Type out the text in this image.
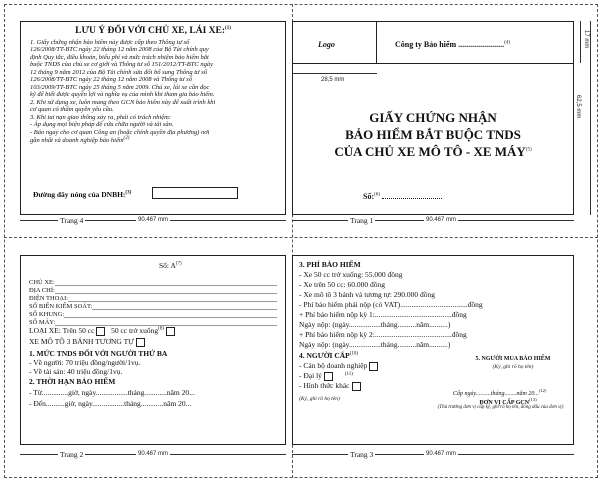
LƯU Ý ĐỐI VỚI CHỦ XE, LÁI XE:$^{(1)}$
1. Giấy chứng nhận bảo hiểm này được cấp theo Thông tư số
126/2008/TT-BTC ngày 22 tháng 12 năm 2008 của Bộ Tài chính quy
định Quy tắc, điều khoản, biểu phí và mức trách nhiệm bảo hiểm bắt
buộc TNDS của chủ xe cơ giới và Thông tư số 151/2012/TT-BTC ngày
12 tháng 9 năm 2012 của Bộ Tài chính sửa đổi bổ sung Thông tư số
126/2008/TT-BTC ngày 22 tháng 12 năm 2008 và Thông tư số
103/2009/TT-BTC ngày 25 tháng 5 năm 2009. Chủ xe, lái xe cần đọc
kỹ để biết được quyền lợi và nghĩa vụ của mình khi tham gia bảo hiểm.
2. Khi sử dụng xe, luôn mang theo GCN bảo hiểm này để xuất trình khi
cơ quan có thẩm quyền yêu cầu.
3. Khi tai nạn giao thông xảy ra, phải có trách nhiệm:
- Áp dụng mọi biện pháp để cứu chữa người và tài sản.
- Báo ngay cho cơ quan Công an (hoặc chính quyền địa phương) nơi
gần nhất và doanh nghiệp bảo hiểm$^{(2)}$
Đường dây nóng của DNBH:$^{(3)}$
Logo	Công ty Bảo hiểm .......................$^{(4)}$
28,5 mm
GIẤY CHỨNG NHẬN
BẢO HIỂM BẮT BUỘC TNDS
CỦA CHỦ XE MÔ TÔ - XE MÁY$^{(5)}$
Số:$^{(6)}$
17 mm
62,5 mm
Trang 4	90.467 mm	Trang 1	90.467 mm
Số: $A^{(7)}$
CHỦ XE:
ĐỊA CHỈ:
ĐIỆN THOẠI:
SỐ BIỂN KIỂM SOÁT:
SỐ KHUNG:
SỐ MÁY:
LOẠI XE: Trên 50 cc 50 cc trở xuống$^{(8)}$
XE MÔ TÔ 3 BÁNH TƯƠNG TỰ
1. MỨC TNDS ĐỐI VỚI NGƯỜI THỨ BA
- Về người: 70 triệu đồng/người/1vụ.
- Về tài sản: 40 triệu đồng/1vụ.
2. THỜI HẠN BẢO HIỂM
- Từ..............giờ, ngày.................tháng............năm 20...
- Đến..........giờ, ngày.................tháng............năm 20...
3. PHÍ BẢO HIỂM
- Xe 50 cc trở xuống: 55.000 đồng
- Xe trên 50 cc: 60.000 đồng
- Xe mô tô 3 bánh và tương tự: 290.000 đồng
- Phí bảo hiểm phải nộp (có VAT)....................................đồng
+ Phí bảo hiểm nộp kỳ 1:.........................................đồng
Ngày nộp: (ngày.................tháng..........năm..........)
+ Phí bảo hiểm nộp kỳ 2:.........................................đồng
Ngày nộp: (ngày.................tháng..........năm..........)
4. NGƯỜI CẤP$^{(10)}$
- Cán bộ doanh nghiệp
- Đại lý	$^{(11)}$
- Hình thức khác
(Ký, ghi rõ họ tên)
5. NGƯỜI MUA BẢO HIỂM
(Ký, ghi rõ họ tên)
Cấp ngày..........tháng........năm 20...$^{(12)}$
ĐƠN VỊ CẤP GCN$^{(13)}$
(Thủ trưởng đơn vị cấp ký, ghi rõ họ tên, đóng dấu của đơn vị)
Trang 2	90.467 mm	Trang 3	90.467 mm
